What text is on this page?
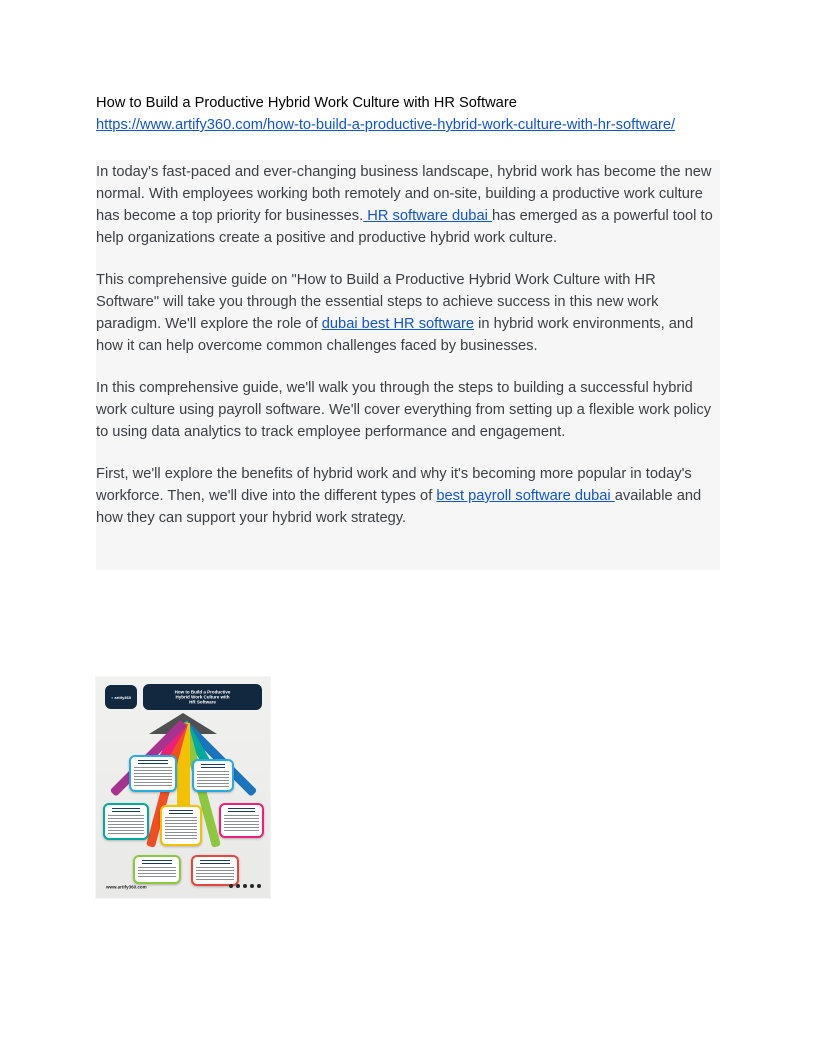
How to Build a Productive Hybrid Work Culture with HR Software
https://www.artify360.com/how-to-build-a-productive-hybrid-work-culture-with-hr-software/

In today's fast-paced and ever-changing business landscape, hybrid work has become the new normal. With employees working both remotely and on-site, building a productive work culture has become a top priority for businesses. HR software dubai has emerged as a powerful tool to help organizations create a positive and productive hybrid work culture.

This comprehensive guide on "How to Build a Productive Hybrid Work Culture with HR Software" will take you through the essential steps to achieve success in this new work paradigm. We'll explore the role of dubai best HR software in hybrid work environments, and how it can help overcome common challenges faced by businesses.

In this comprehensive guide, we'll walk you through the steps to building a successful hybrid work culture using payroll software. We'll cover everything from setting up a flexible work policy to using data analytics to track employee performance and engagement.

First, we'll explore the benefits of hybrid work and why it's becoming more popular in today's workforce. Then, we'll dive into the different types of best payroll software dubai available and how they can support your hybrid work strategy.

● artify360
How to Build a Productive Hybrid Work Culture with HR Software
www.artify360.com
